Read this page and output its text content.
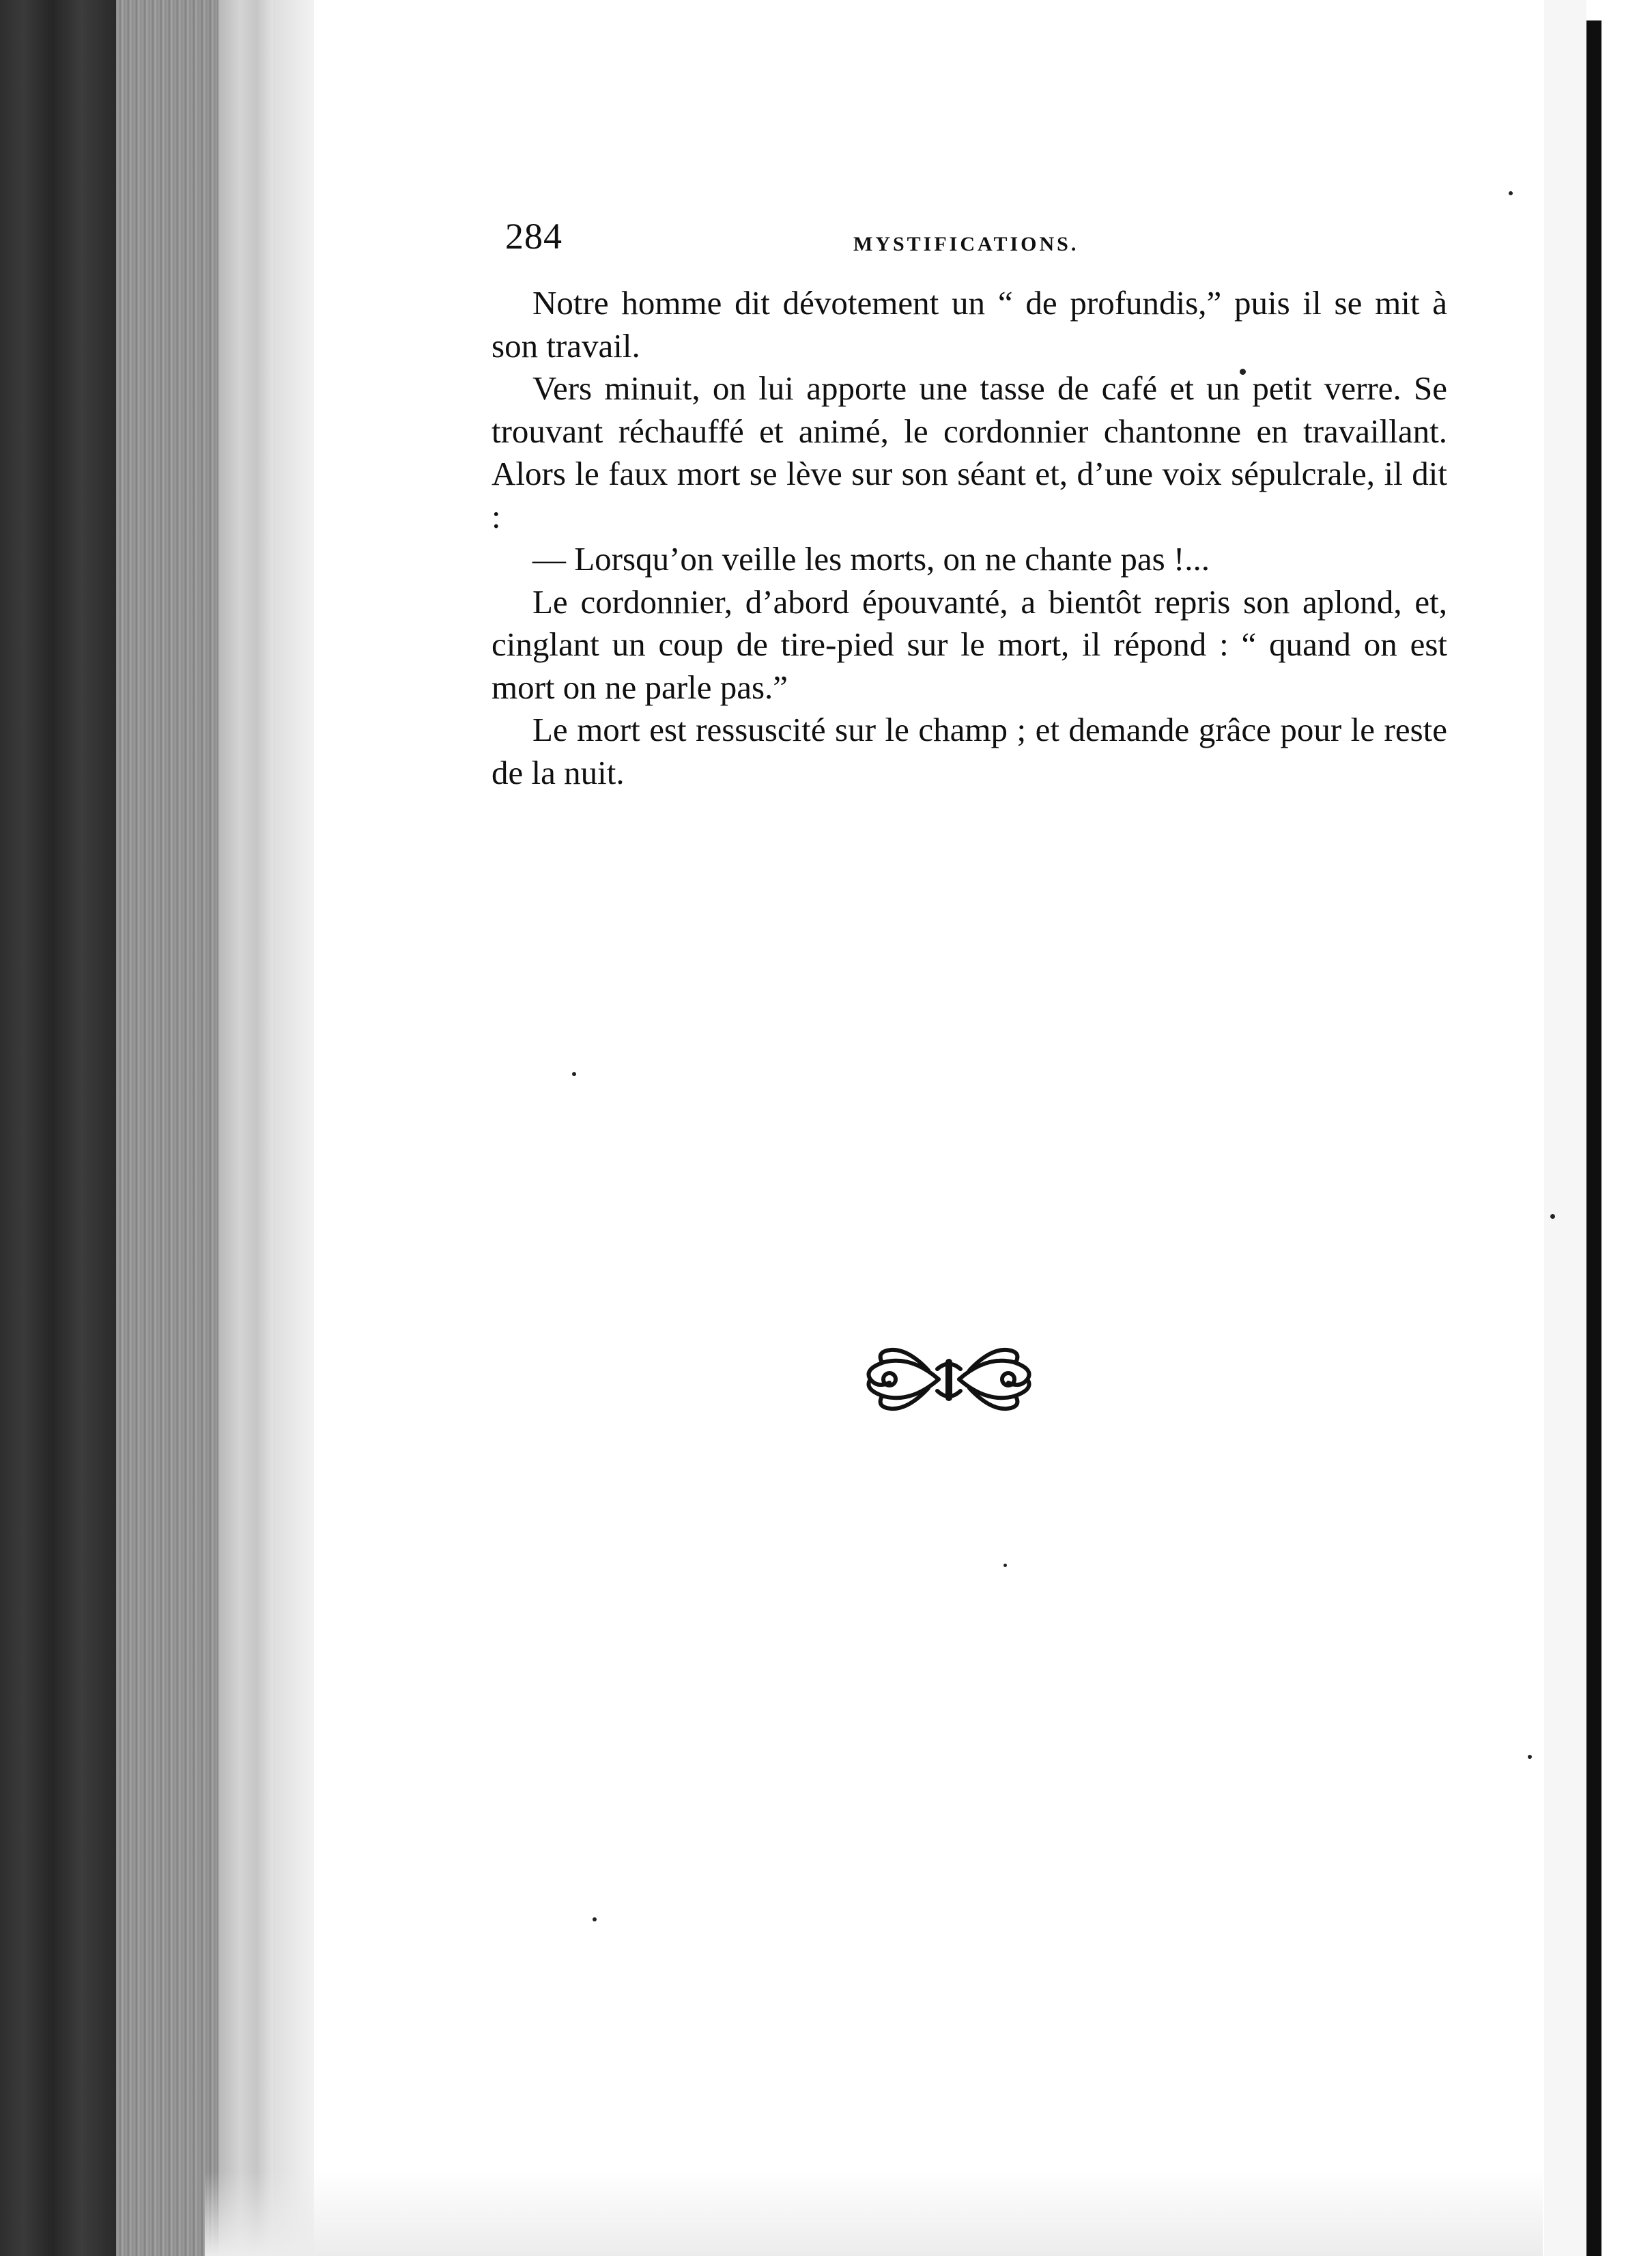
284	MYSTIFICATIONS.

Notre homme dit dévotement un “ de profundis,” puis il se mit à son travail.

Vers minuit, on lui apporte une tasse de café et un petit verre. Se trouvant réchauffé et animé, le cordonnier chantonne en travaillant. Alors le faux mort se lève sur son séant et, d’une voix sépulcrale, il dit :

— Lorsqu’on veille les morts, on ne chante pas !...

Le cordonnier, d’abord épouvanté, a bientôt repris son aplond, et, cinglant un coup de tire-pied sur le mort, il répond : “ quand on est mort on ne parle pas.”

Le mort est ressuscité sur le champ ; et demande grâce pour le reste de la nuit.
